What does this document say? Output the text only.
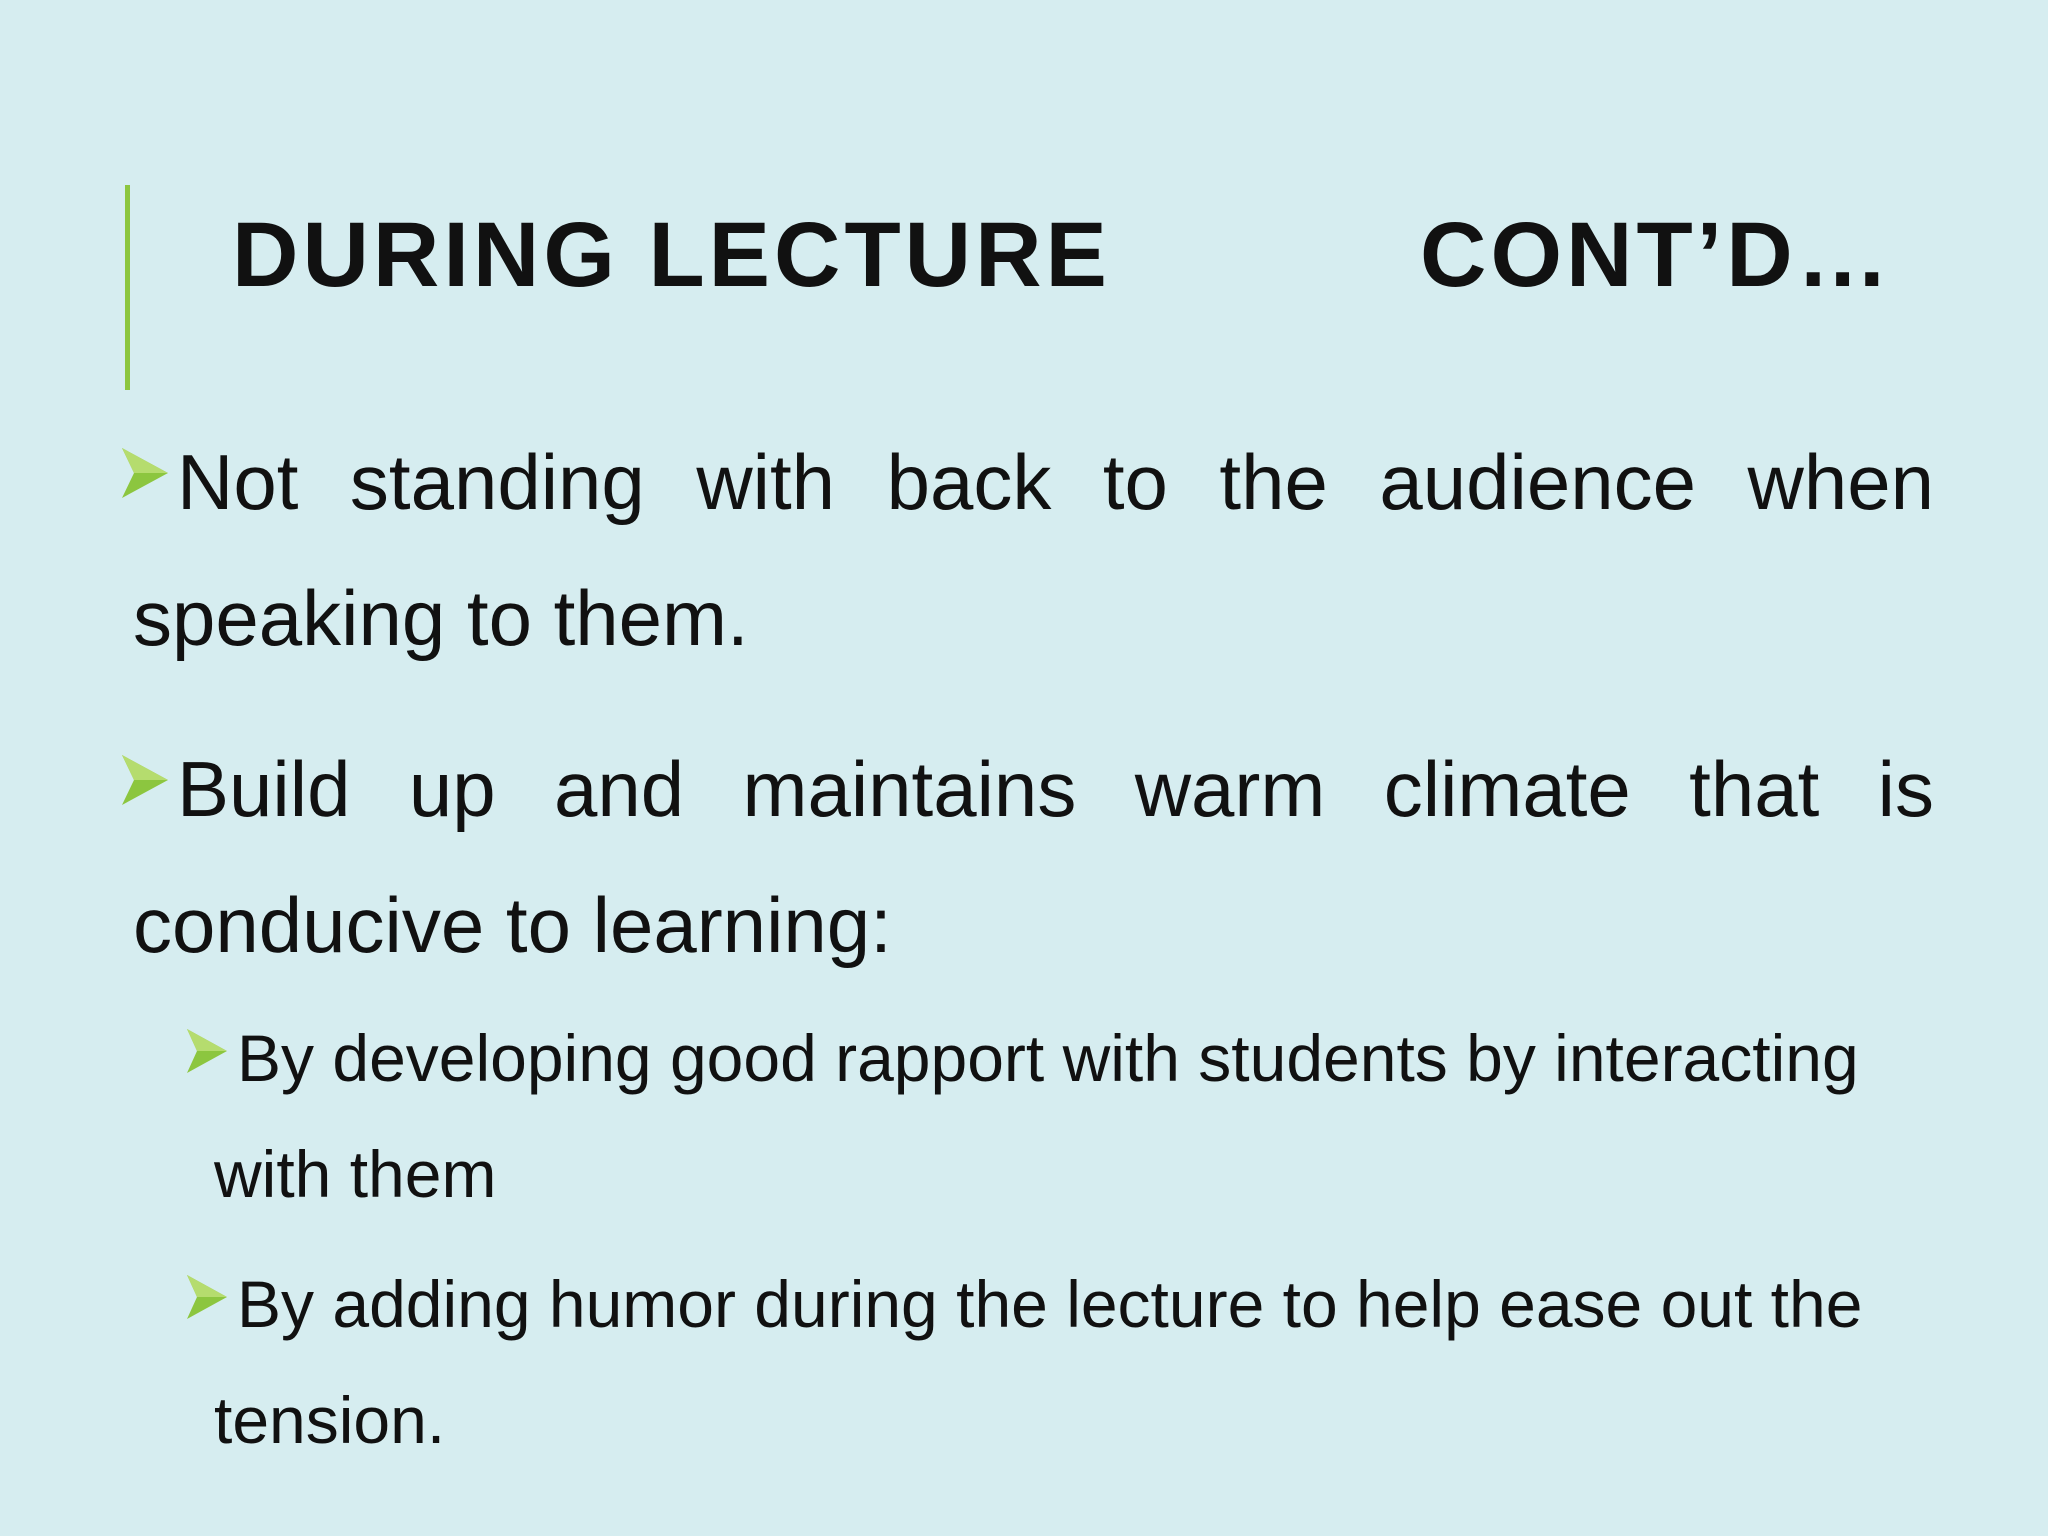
DURING LECTURE	CONT’D…
Not standing with back to the audience when
speaking to them.
Build up and maintains warm climate that is
conducive to learning:
By developing good rapport with students by interacting
with them
By adding humor during the lecture to help ease out the
tension.
